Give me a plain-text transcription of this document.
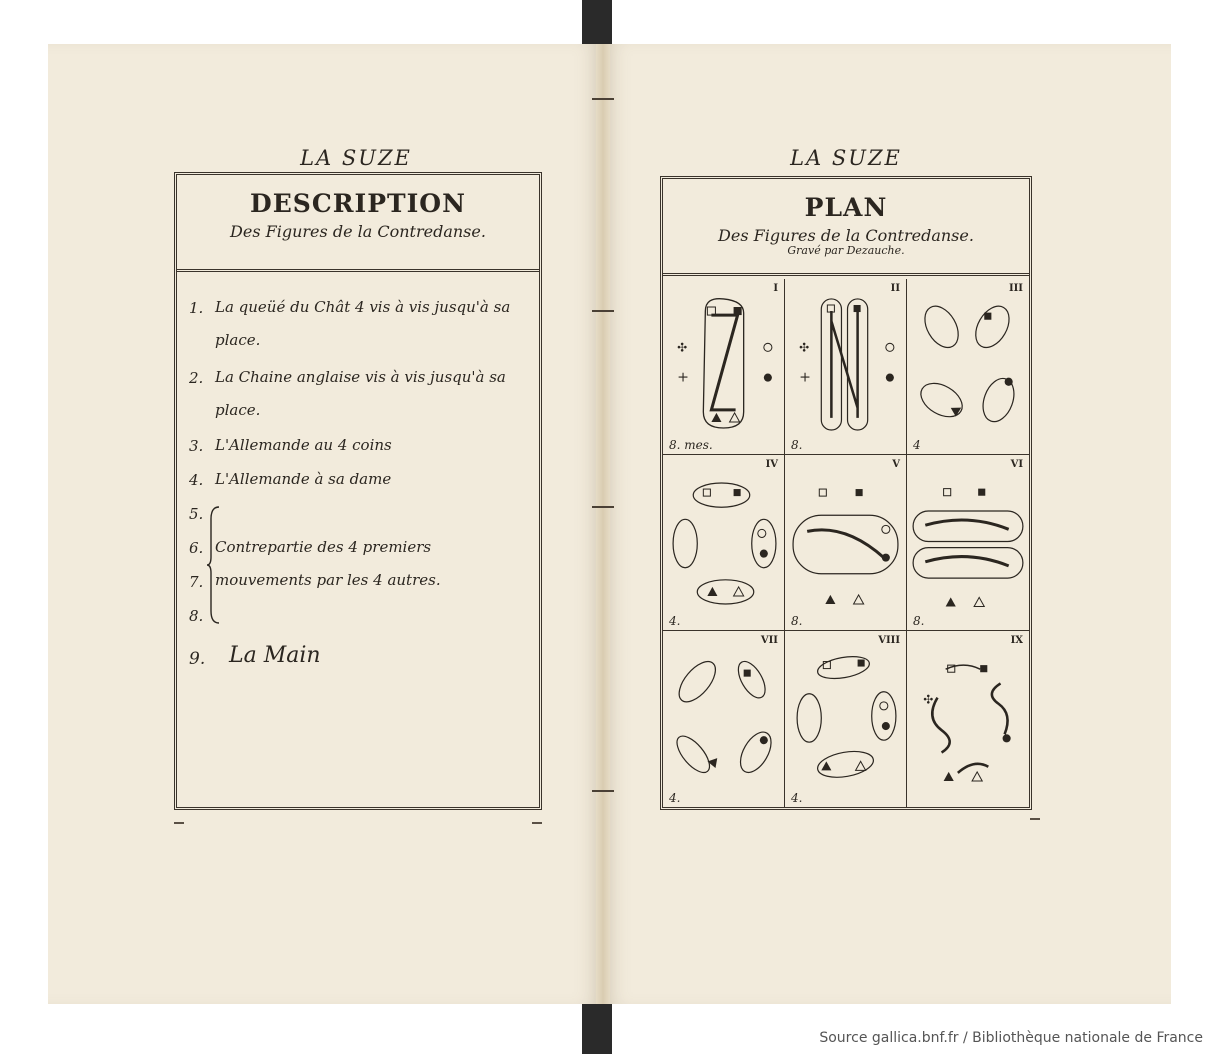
LA SUZE
DESCRIPTION
Des Figures de la Contredanse.
1. La queüé du Chât 4 vis à vis jusqu'à sa place.
2. La Chaine anglaise vis à vis jusqu'à sa place.
3. L'Allemande au 4 coins
4. L'Allemande à sa dame
5.
6. Contrepartie des 4 premiers mouvements par les 4 autres.
7.
8.
9. La Main
LA SUZE
PLAN
Des Figures de la Contredanse.
Gravé par Dezauche.
✣
+
I
8. mes.
✣
+
II
8.
III
4
IV
4.
V
8.
VI
8.
VII
4.
VIII
4.
✣
IX
Source gallica.bnf.fr / Bibliothèque nationale de France
